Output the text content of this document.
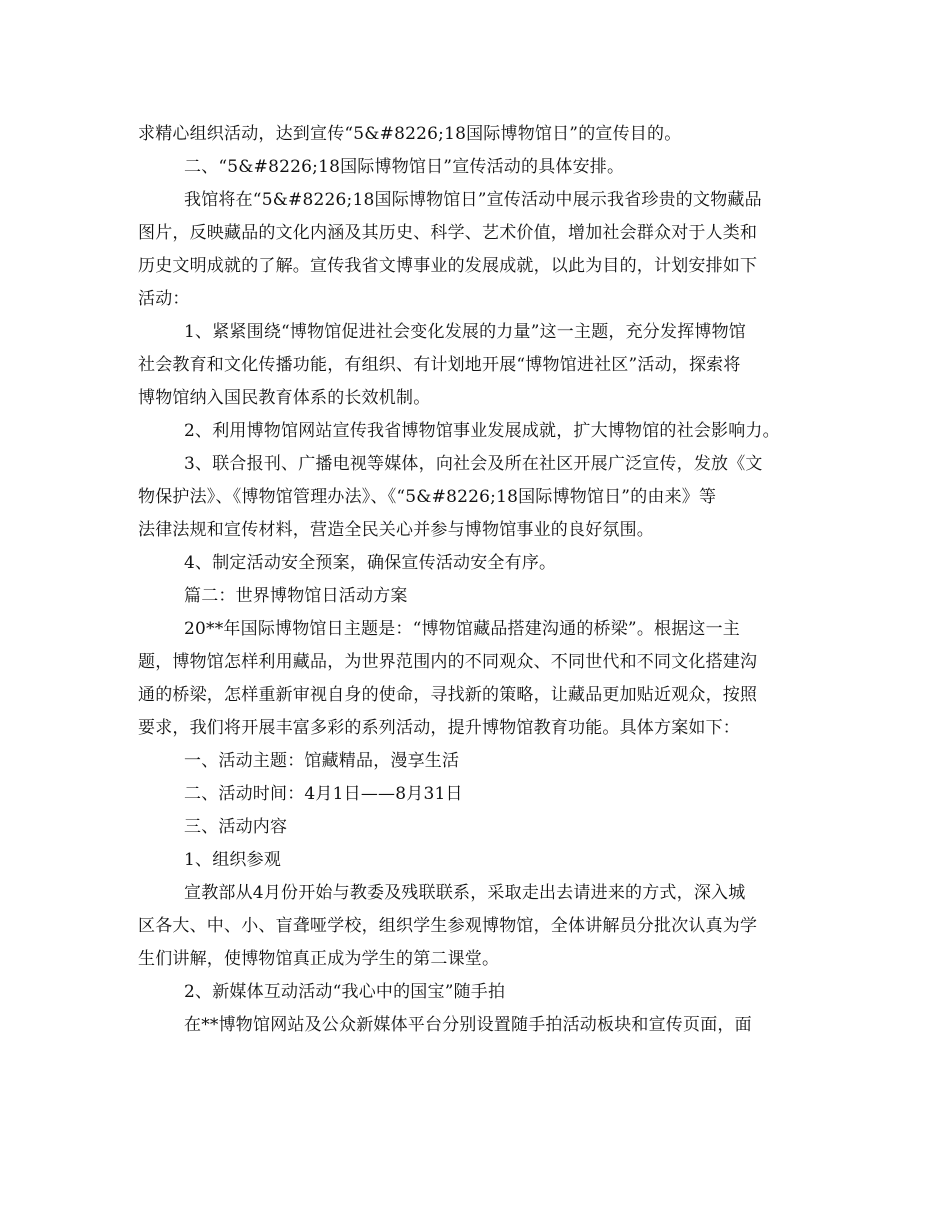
求精心组织活动，达到宣传“5&#8226;18国际博物馆日”的宣传目的。
二、“5&#8226;18国际博物馆日”宣传活动的具体安排。
我馆将在“5&#8226;18国际博物馆日”宣传活动中展示我省珍贵的文物藏品
图片，反映藏品的文化内涵及其历史、科学、艺术价值，增加社会群众对于人类和
历史文明成就的了解。宣传我省文博事业的发展成就，以此为目的，计划安排如下
活动：
1、紧紧围绕“博物馆促进社会变化发展的力量”这一主题，充分发挥博物馆
社会教育和文化传播功能，有组织、有计划地开展“博物馆进社区”活动，探索将
博物馆纳入国民教育体系的长效机制。
2、利用博物馆网站宣传我省博物馆事业发展成就，扩大博物馆的社会影响力。
3、联合报刊、广播电视等媒体，向社会及所在社区开展广泛宣传，发放《文
物保护法》、《博物馆管理办法》、《“5&#8226;18国际博物馆日”的由来》等
法律法规和宣传材料，营造全民关心并参与博物馆事业的良好氛围。
4、制定活动安全预案，确保宣传活动安全有序。
篇二：世界博物馆日活动方案
20**年国际博物馆日主题是：“博物馆藏品搭建沟通的桥梁”。根据这一主
题，博物馆怎样利用藏品，为世界范围内的不同观众、不同世代和不同文化搭建沟
通的桥梁，怎样重新审视自身的使命，寻找新的策略，让藏品更加贴近观众，按照
要求，我们将开展丰富多彩的系列活动，提升博物馆教育功能。具体方案如下：
一、活动主题：馆藏精品，漫享生活
二、活动时间：4月1日——8月31日
三、活动内容
1、组织参观
宣教部从4月份开始与教委及残联联系，采取走出去请进来的方式，深入城
区各大、中、小、盲聋哑学校，组织学生参观博物馆，全体讲解员分批次认真为学
生们讲解，使博物馆真正成为学生的第二课堂。
2、新媒体互动活动“我心中的国宝”随手拍
在**博物馆网站及公众新媒体平台分别设置随手拍活动板块和宣传页面，面
